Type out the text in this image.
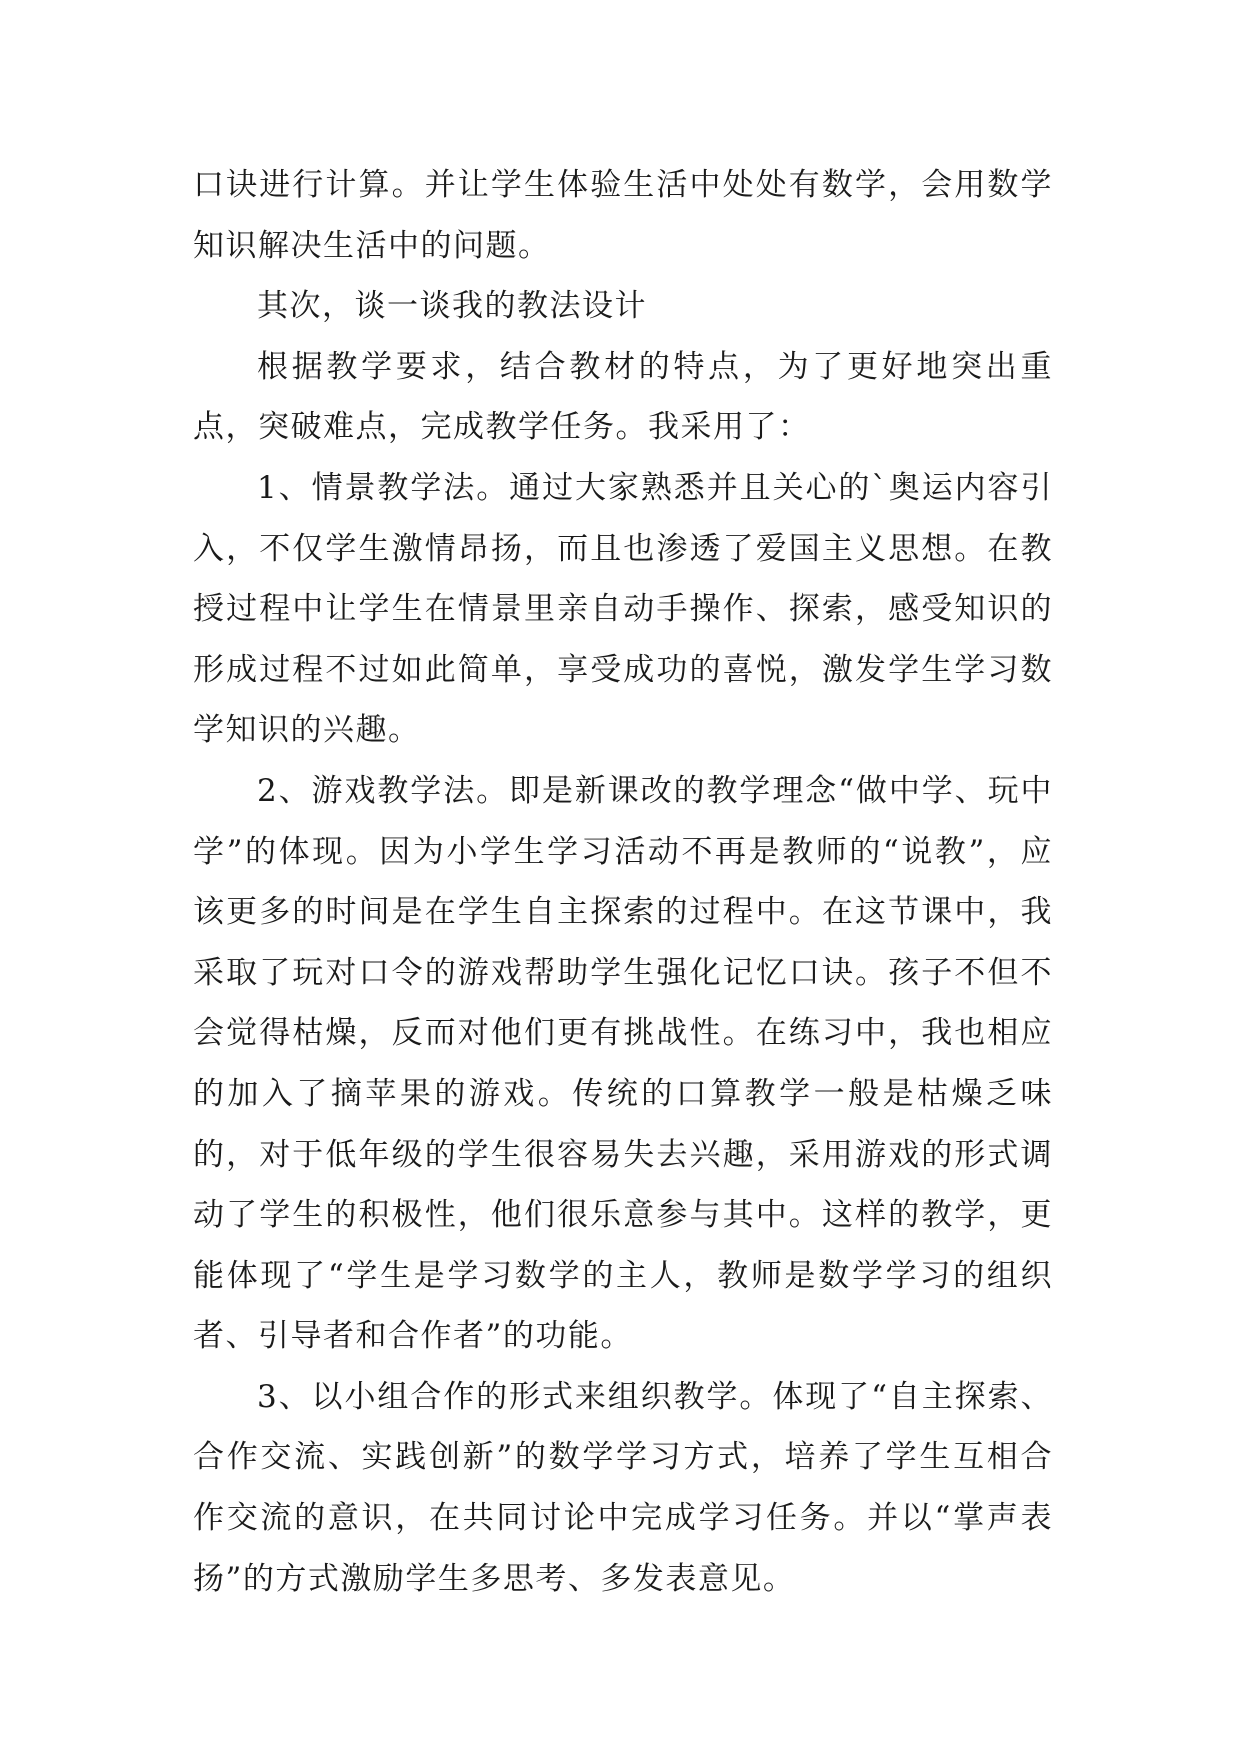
口诀进行计算。并让学生体验生活中处处有数学，会用数学知识解决生活中的问题。

其次，谈一谈我的教法设计

根据教学要求，结合教材的特点，为了更好地突出重点，突破难点，完成教学任务。我采用了：

1、情景教学法。通过大家熟悉并且关心的`奥运内容引入，不仅学生激情昂扬，而且也渗透了爱国主义思想。在教授过程中让学生在情景里亲自动手操作、探索，感受知识的形成过程不过如此简单，享受成功的喜悦，激发学生学习数学知识的兴趣。

2、游戏教学法。即是新课改的教学理念“做中学、玩中学”的体现。因为小学生学习活动不再是教师的“说教”，应该更多的时间是在学生自主探索的过程中。在这节课中，我采取了玩对口令的游戏帮助学生强化记忆口诀。孩子不但不会觉得枯燥，反而对他们更有挑战性。在练习中，我也相应的加入了摘苹果的游戏。传统的口算教学一般是枯燥乏味的，对于低年级的学生很容易失去兴趣，采用游戏的形式调动了学生的积极性，他们很乐意参与其中。这样的教学，更能体现了“学生是学习数学的主人，教师是数学学习的组织者、引导者和合作者”的功能。

3、以小组合作的形式来组织教学。体现了“自主探索、合作交流、实践创新”的数学学习方式，培养了学生互相合作交流的意识，在共同讨论中完成学习任务。并以“掌声表扬”的方式激励学生多思考、多发表意见。
